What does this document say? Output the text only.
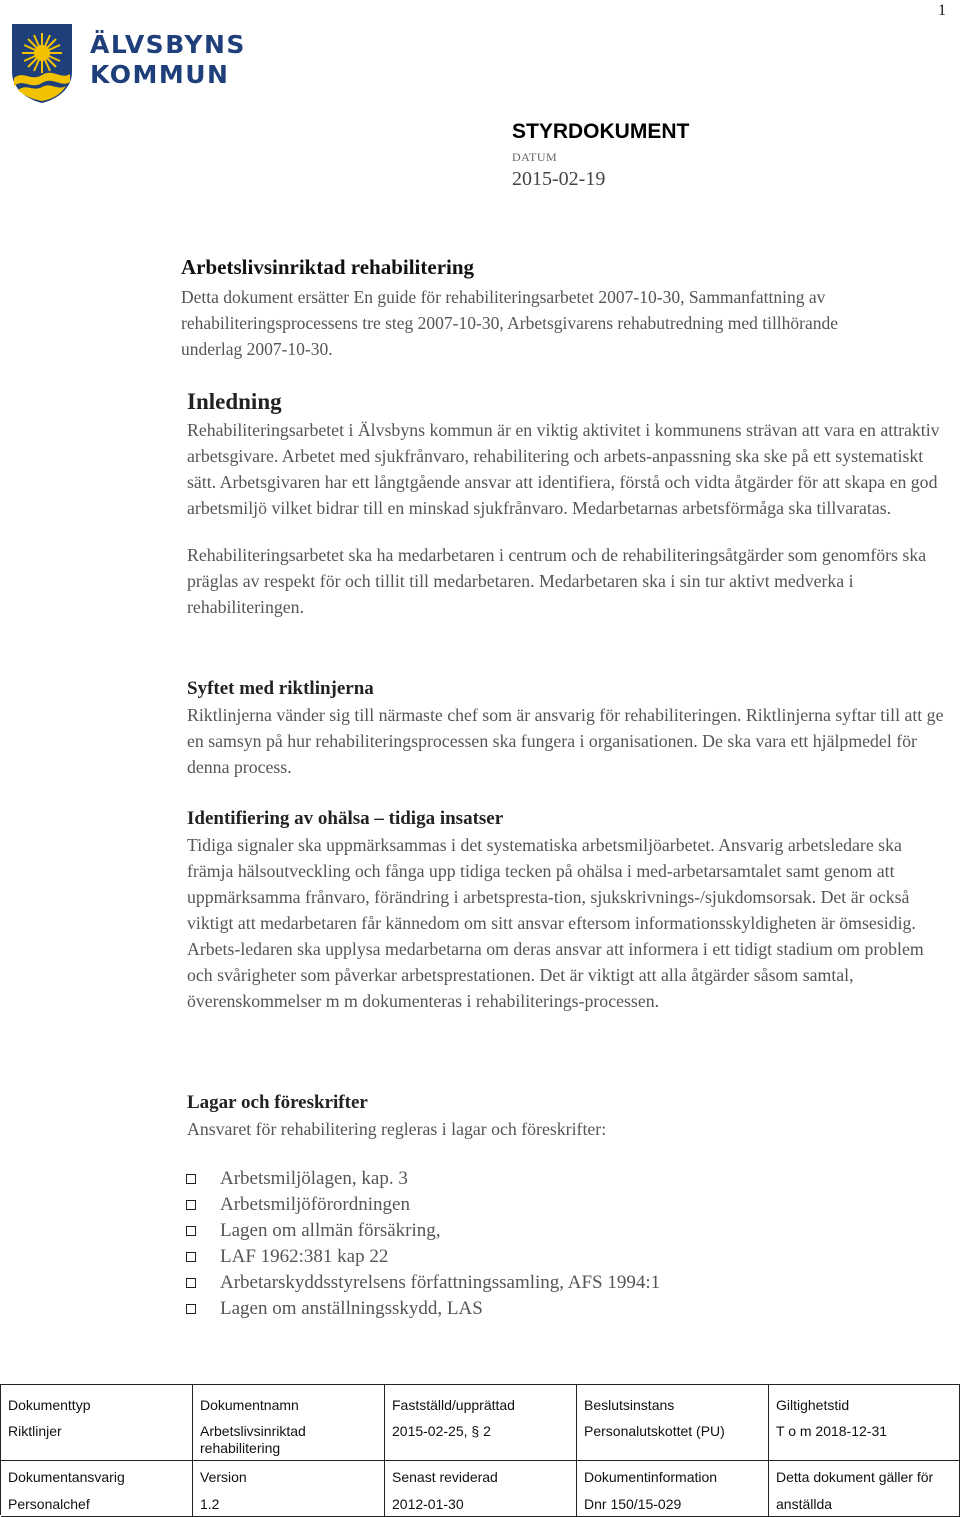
1
ÄLVSBYNS
KOMMUN
STYRDOKUMENT
DATUM
2015-02-19
Arbetslivsinriktad rehabilitering
Detta dokument ersätter En guide för rehabiliteringsarbetet 2007-10-30, Sammanfattning av rehabiliteringsprocessens tre steg 2007-10-30, Arbetsgivarens rehabutredning med tillhörande underlag 2007-10-30.
Inledning

Rehabiliteringsarbetet i Älvsbyns kommun är en viktig aktivitet i kommunens strävan att vara en attraktiv arbetsgivare. Arbetet med sjukfrånvaro, rehabilitering och arbets-anpassning ska ske på ett systematiskt sätt. Arbetsgivaren har ett långtgående ansvar att identifiera, förstå och vidta åtgärder för att skapa en god arbetsmiljö vilket bidrar till en minskad sjukfrånvaro. Medarbetarnas arbetsförmåga ska tillvaratas.

Rehabiliteringsarbetet ska ha medarbetaren i centrum och de rehabiliteringsåtgärder som genomförs ska präglas av respekt för och tillit till medarbetaren. Medarbetaren ska i sin tur aktivt medverka i rehabiliteringen.

Syftet med riktlinjerna

Riktlinjerna vänder sig till närmaste chef som är ansvarig för rehabiliteringen. Riktlinjerna syftar till att ge en samsyn på hur rehabiliteringsprocessen ska fungera i organisationen. De ska vara ett hjälpmedel för denna process.

Identifiering av ohälsa – tidiga insatser

Tidiga signaler ska uppmärksammas i det systematiska arbetsmiljöarbetet. Ansvarig arbetsledare ska främja hälsoutveckling och fånga upp tidiga tecken på ohälsa i med-arbetarsamtalet samt genom att uppmärksamma frånvaro, förändring i arbetspresta-tion, sjukskrivnings-/sjukdomsorsak. Det är också viktigt att medarbetaren får kännedom om sitt ansvar eftersom informationsskyldigheten är ömsesidig. Arbets-ledaren ska upplysa medarbetarna om deras ansvar att informera i ett tidigt stadium om problem och svårigheter som påverkar arbetsprestationen. Det är viktigt att alla åtgärder såsom samtal, överenskommelser m m dokumenteras i rehabiliterings-processen.

Lagar och föreskrifter

Ansvaret för rehabilitering regleras i lagar och föreskrifter:

Arbetsmiljölagen, kap. 3
Arbetsmiljöförordningen
Lagen om allmän försäkring,
LAF 1962:381 kap 22
Arbetarskyddsstyrelsens författningssamling, AFS 1994:1
Lagen om anställningsskydd, LAS
Dokumenttyp
Riktlinjer
Dokumentnamn
Arbetslivsinriktad rehabilitering
Fastställd/upprättad
2015-02-25, § 2
Beslutsinstans
Personalutskottet (PU)
Giltighetstid
T o m 2018-12-31
Dokumentansvarig
Personalchef
Version
1.2
Senast reviderad
2012-01-30
Dokumentinformation
Dnr 150/15-029
Detta dokument gäller för
anställda
